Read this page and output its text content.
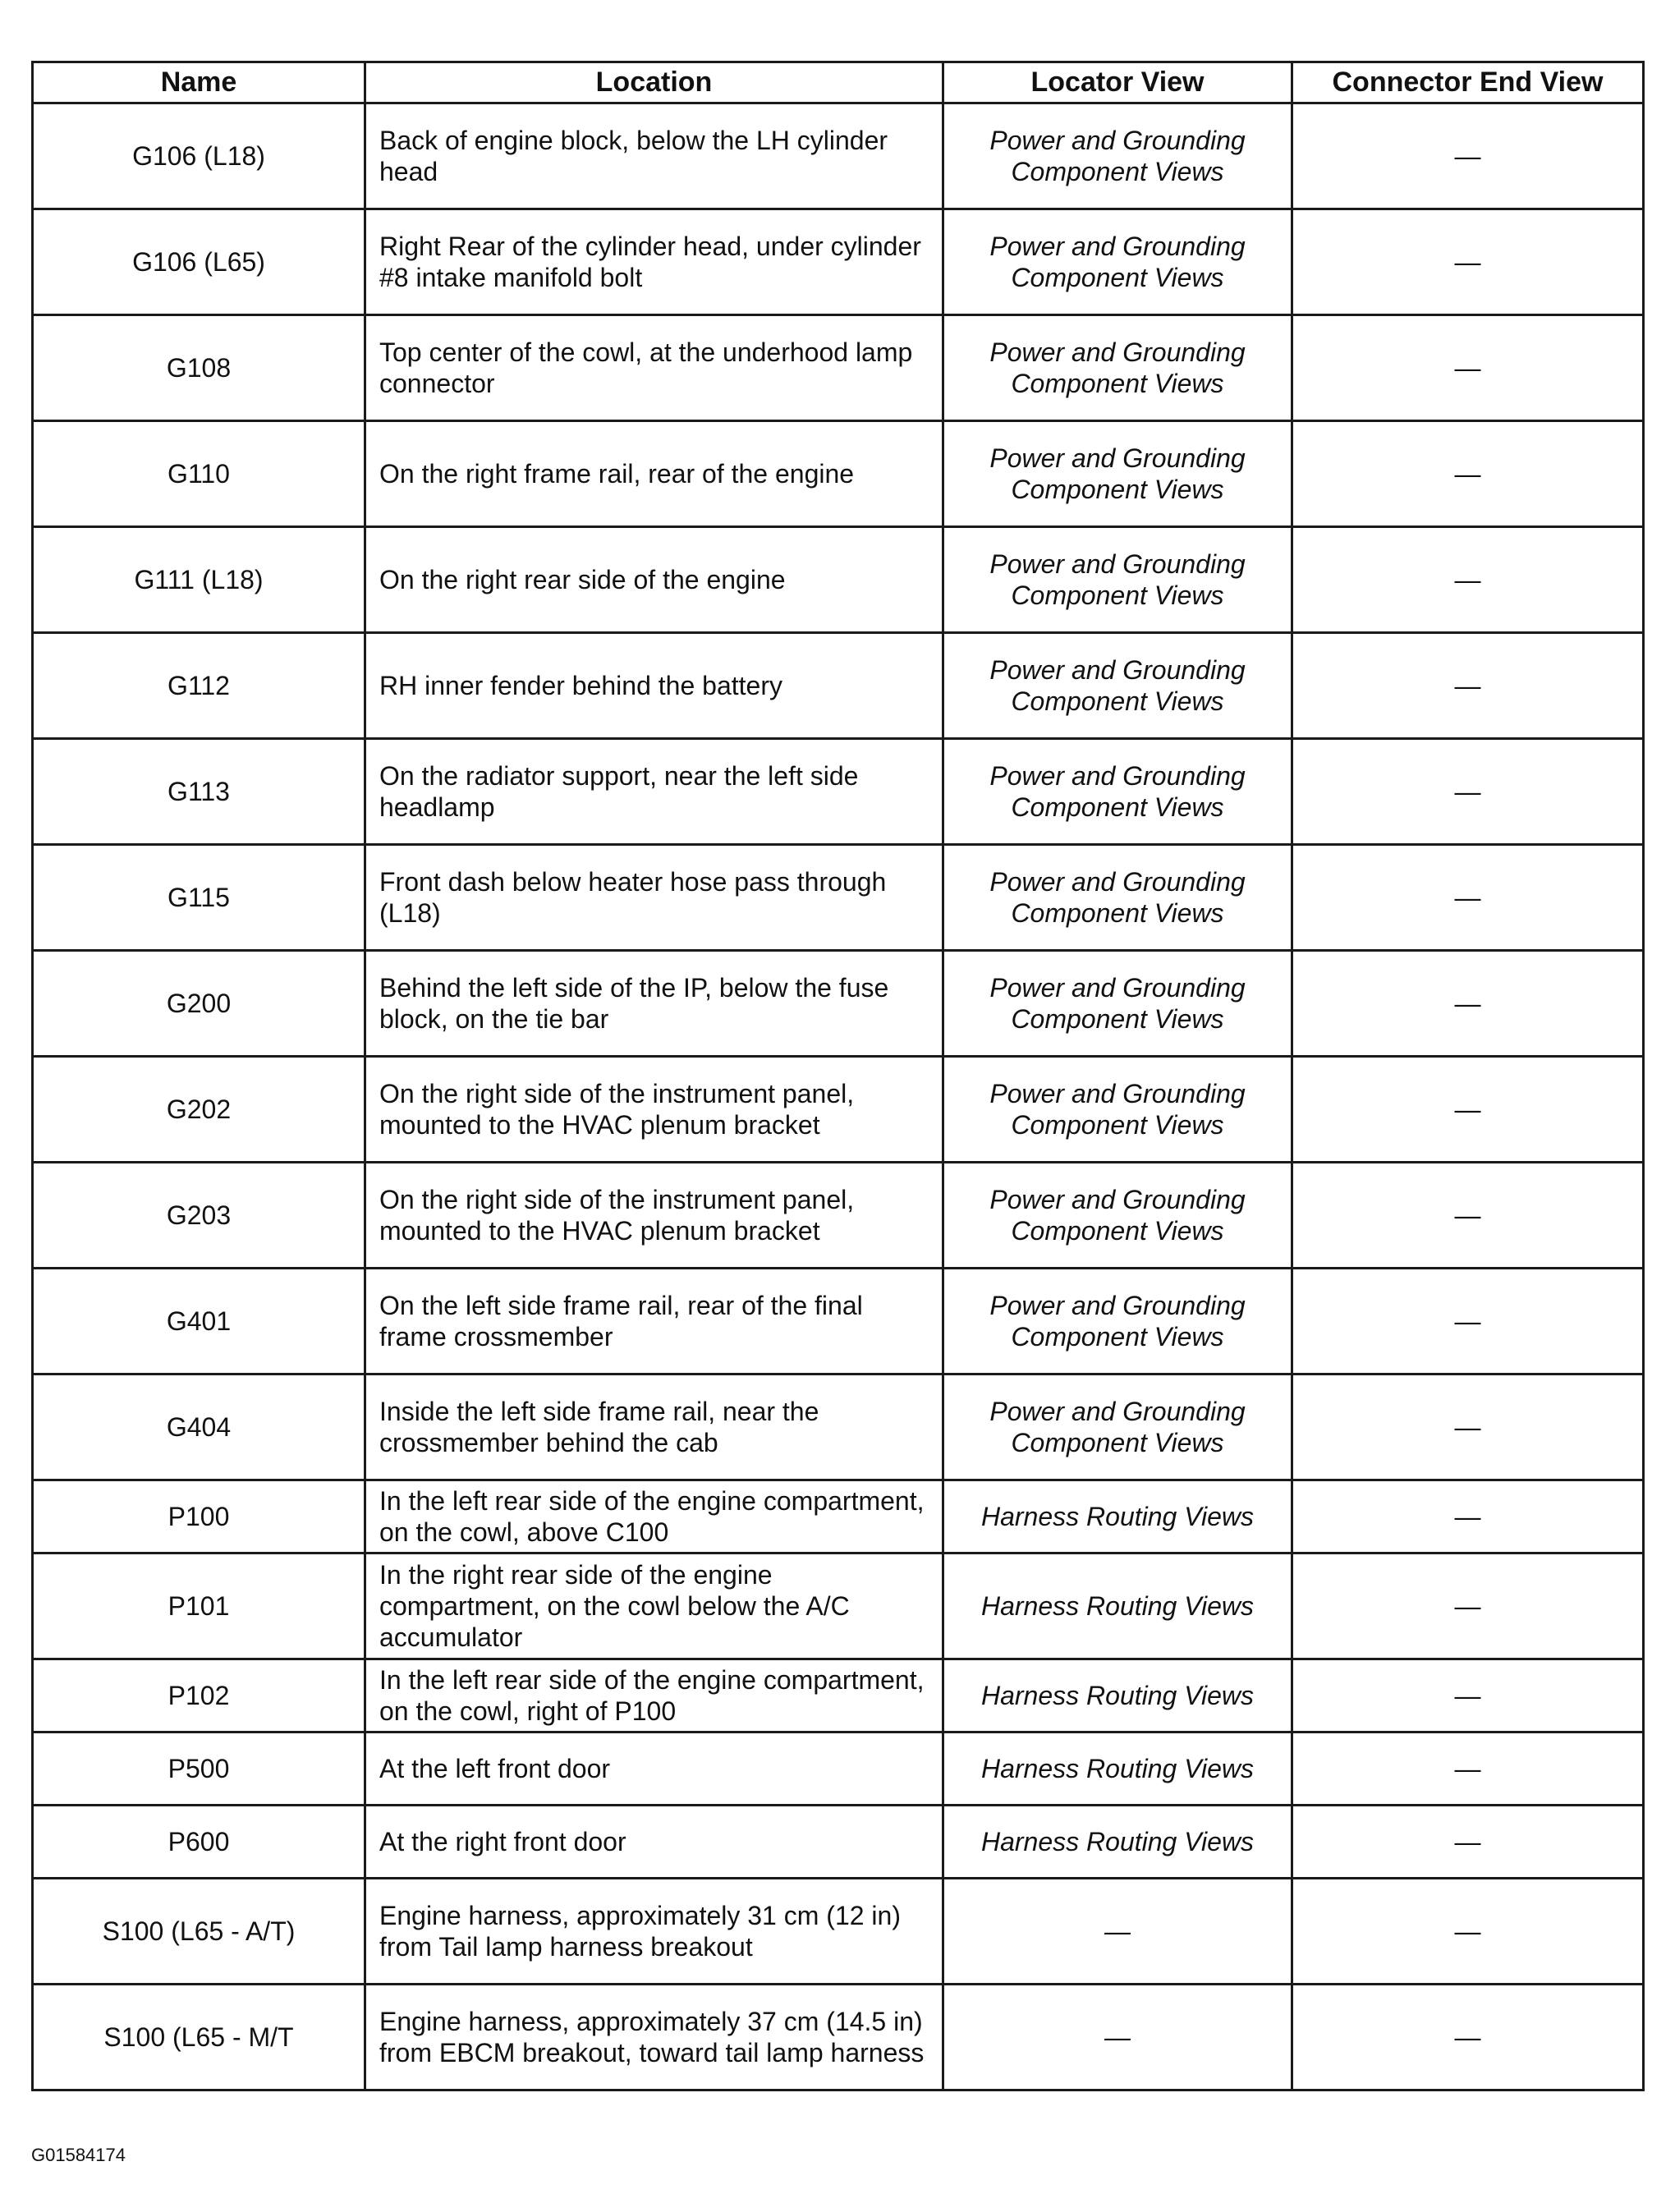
Name	Location	Locator View	Connector End View
G106 (L18)	Back of engine block, below the LH cylinder head	Power and Grounding Component Views	—
G106 (L65)	Right Rear of the cylinder head, under cylinder #8 intake manifold bolt	Power and Grounding Component Views	—
G108	Top center of the cowl, at the underhood lamp connector	Power and Grounding Component Views	—
G110	On the right frame rail, rear of the engine	Power and Grounding Component Views	—
G111 (L18)	On the right rear side of the engine	Power and Grounding Component Views	—
G112	RH inner fender behind the battery	Power and Grounding Component Views	—
G113	On the radiator support, near the left side headlamp	Power and Grounding Component Views	—
G115	Front dash below heater hose pass through (L18)	Power and Grounding Component Views	—
G200	Behind the left side of the IP, below the fuse block, on the tie bar	Power and Grounding Component Views	—
G202	On the right side of the instrument panel, mounted to the HVAC plenum bracket	Power and Grounding Component Views	—
G203	On the right side of the instrument panel, mounted to the HVAC plenum bracket	Power and Grounding Component Views	—
G401	On the left side frame rail, rear of the final frame crossmember	Power and Grounding Component Views	—
G404	Inside the left side frame rail, near the crossmember behind the cab	Power and Grounding Component Views	—
P100	In the left rear side of the engine compartment, on the cowl, above C100	Harness Routing Views	—
P101	In the right rear side of the engine compartment, on the cowl below the A/C accumulator	Harness Routing Views	—
P102	In the left rear side of the engine compartment, on the cowl, right of P100	Harness Routing Views	—
P500	At the left front door	Harness Routing Views	—
P600	At the right front door	Harness Routing Views	—
S100 (L65 - A/T)	Engine harness, approximately 31 cm (12 in) from Tail lamp harness breakout	—	—
S100 (L65 - M/T	Engine harness, approximately 37 cm (14.5 in) from EBCM breakout, toward tail lamp harness	—	—
G01584174
